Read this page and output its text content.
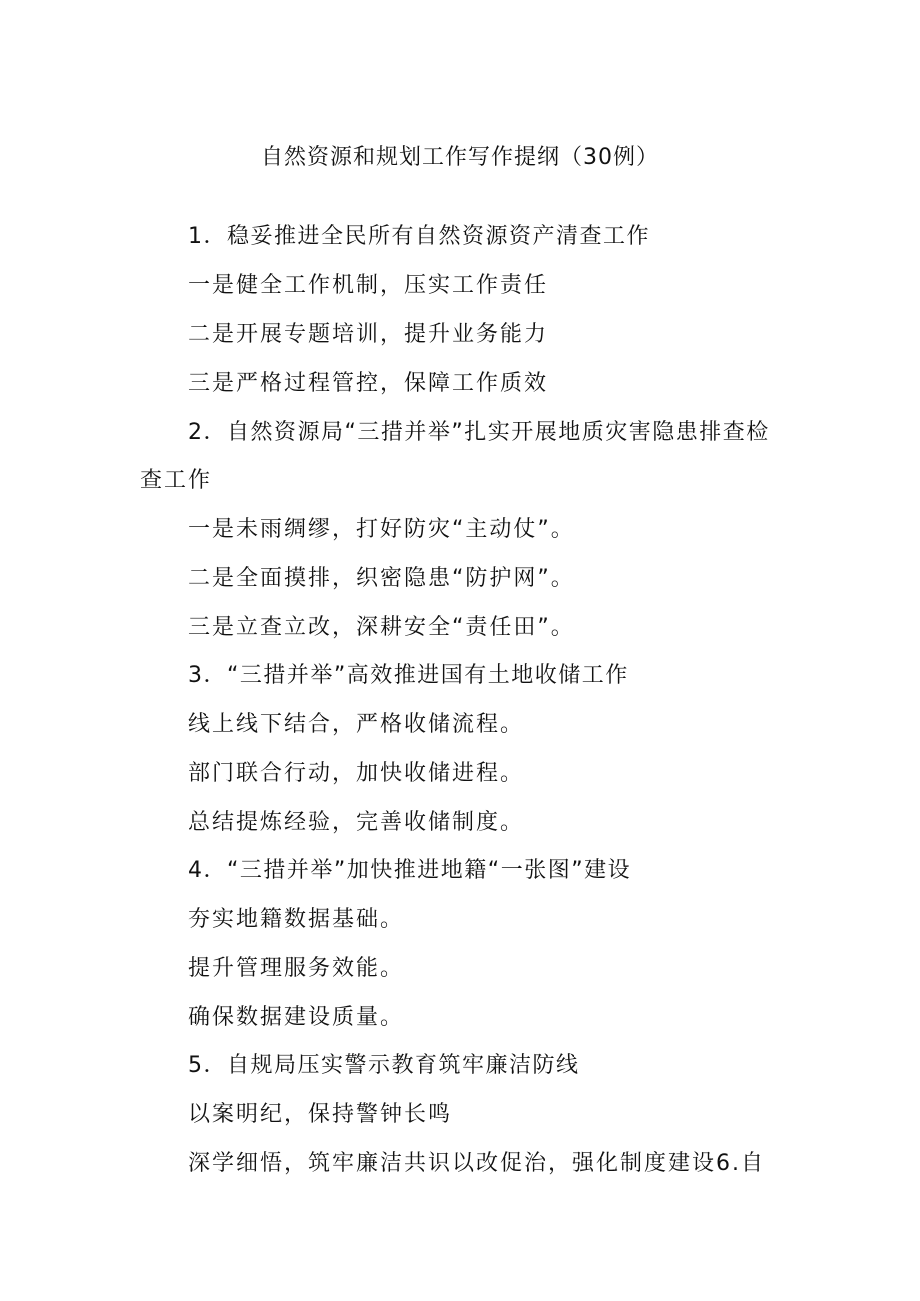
自然资源和规划工作写作提纲（30例）
1．稳妥推进全民所有自然资源资产清查工作
一是健全工作机制，压实工作责任
二是开展专题培训，提升业务能力
三是严格过程管控，保障工作质效
2．自然资源局“三措并举”扎实开展地质灾害隐患排查检
查工作
一是未雨绸缪，打好防灾“主动仗”。
二是全面摸排，织密隐患“防护网”。
三是立查立改，深耕安全“责任田”。
3．“三措并举”高效推进国有土地收储工作
线上线下结合，严格收储流程。
部门联合行动，加快收储进程。
总结提炼经验，完善收储制度。
4．“三措并举”加快推进地籍“一张图”建设
夯实地籍数据基础。
提升管理服务效能。
确保数据建设质量。
5．自规局压实警示教育筑牢廉洁防线
以案明纪，保持警钟长鸣
深学细悟，筑牢廉洁共识以改促治，强化制度建设6.自
